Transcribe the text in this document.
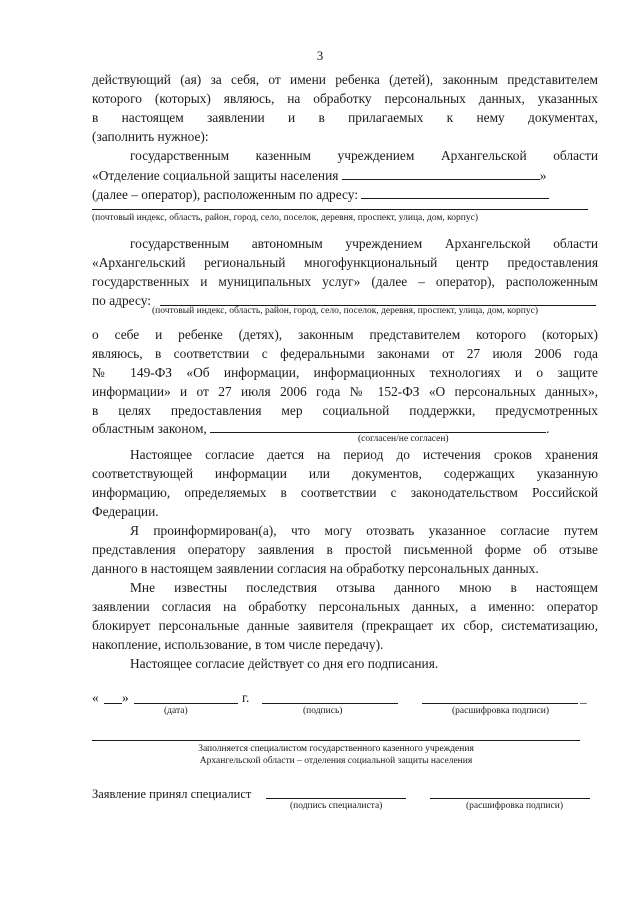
3
действующий (ая) за себя, от имени ребенка (детей), законным представителем
которого (которых) являюсь, на обработку персональных данных, указанных
в настоящем заявлении и в прилагаемых к нему документах,
(заполнить нужное):
государственным казенным учреждением Архангельской области
«Отделение социальной защиты населения	»
(далее – оператор), расположенным по адресу:
(почтовый индекс, область, район, город, село, поселок, деревня, проспект, улица, дом, корпус)
государственным автономным учреждением Архангельской области
«Архангельский региональный многофункциональный центр предоставления
государственных и муниципальных услуг» (далее – оператор), расположенным
по адресу:
(почтовый индекс, область, район, город, село, поселок, деревня, проспект, улица, дом, корпус)
о себе и ребенке (детях), законным представителем которого (которых)
являюсь, в соответствии с федеральными законами от 27 июля 2006 года
№ 149-ФЗ «Об информации, информационных технологиях и о защите
информации» и от 27 июля 2006 года № 152-ФЗ «О персональных данных»,
в целях предоставления мер социальной поддержки, предусмотренных
областным законом,	.
(согласен/не согласен)
Настоящее согласие дается на период до истечения сроков хранения
соответствующей информации или документов, содержащих указанную
информацию, определяемых в соответствии с законодательством Российской
Федерации.
Я проинформирован(а), что могу отозвать указанное согласие путем
представления оператору заявления в простой письменной форме об отзыве
данного в настоящем заявлении согласия на обработку персональных данных.
Мне известны последствия отзыва данного мною в настоящем
заявлении согласия на обработку персональных данных, а именно: оператор
блокирует персональные данные заявителя (прекращает их сбор, систематизацию,
накопление, использование, в том числе передачу).
Настоящее согласие действует со дня его подписания.
« »	г.	_
(дата)	(подпись)	(расшифровка подписи)
Заполняется специалистом государственного казенного учреждения
Архангельской области – отделения социальной защиты населения
Заявление принял специалист
(подпись специалиста)	(расшифровка подписи)
